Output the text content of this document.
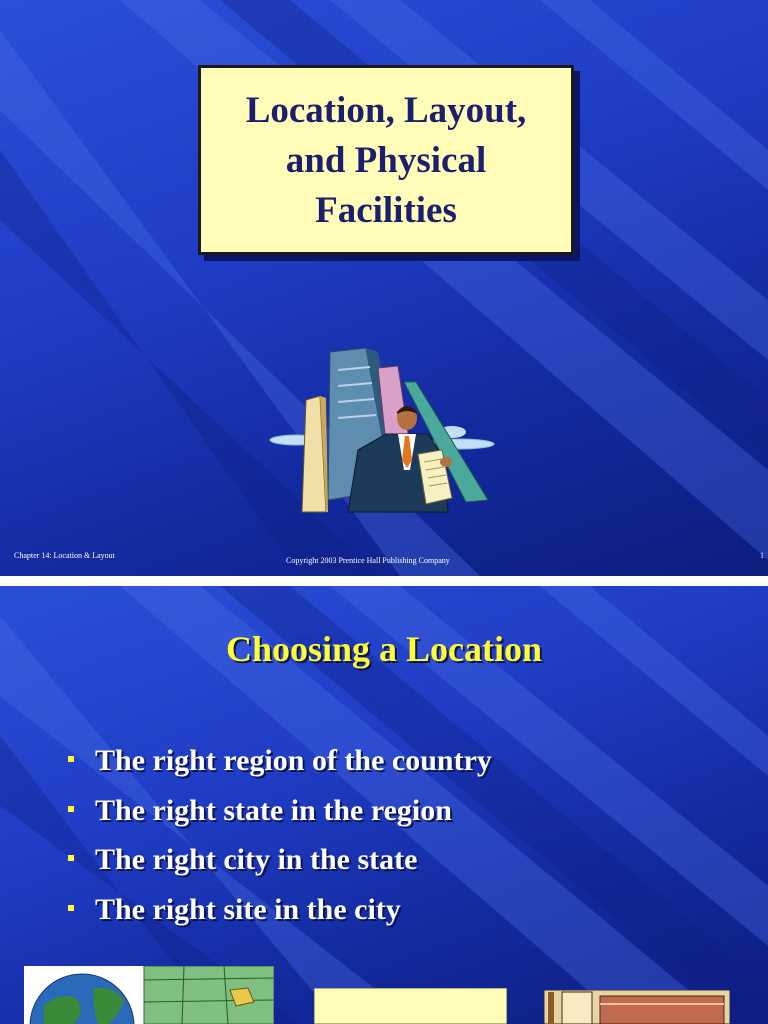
Location, Layout,
and Physical
Facilities
Chapter 14: Location & Layout
Copyright 2003 Prentice Hall Publishing Company
1
Choosing a Location
The right region of the country
The right state in the region
The right city in the state
The right site in the city
